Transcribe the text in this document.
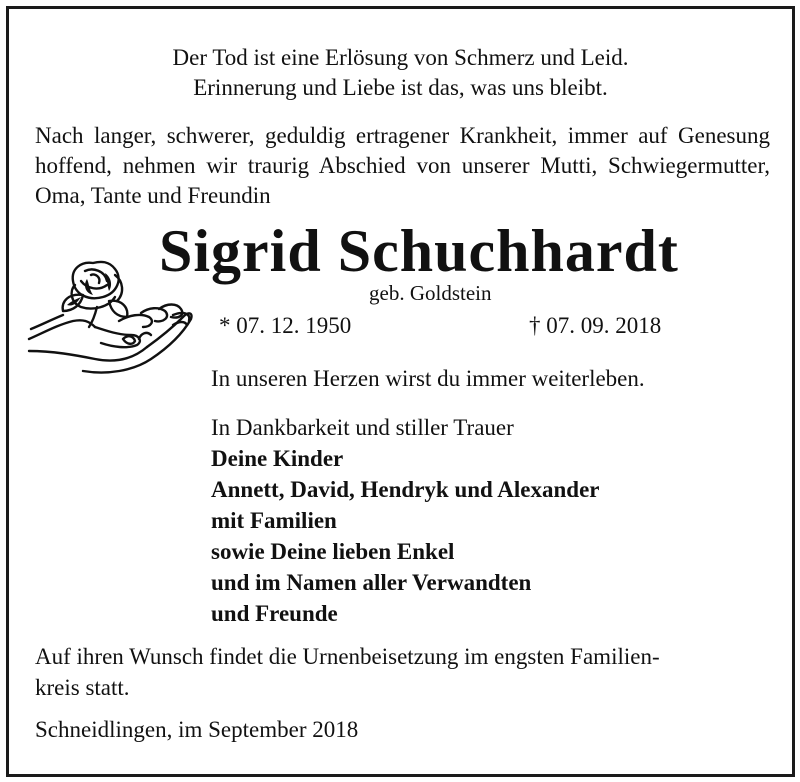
Der Tod ist eine Erlösung von Schmerz und Leid.
Erinnerung und Liebe ist das, was uns bleibt.
Nach langer, schwerer, geduldig ertragener Krankheit, immer auf Genesung hoffend, nehmen wir traurig Abschied von unserer Mutti, Schwiegermutter, Oma, Tante und Freundin
Sigrid Schuchhardt
geb. Goldstein
* 07. 12. 1950	† 07. 09. 2018
In unseren Herzen wirst du immer weiterleben.
In Dankbarkeit und stiller Trauer
Deine Kinder
Annett, David, Hendryk und Alexander
mit Familien
sowie Deine lieben Enkel
und im Namen aller Verwandten
und Freunde
Auf ihren Wunsch findet die Urnenbeisetzung im engsten Familien-
kreis statt.
Schneidlingen, im September 2018
